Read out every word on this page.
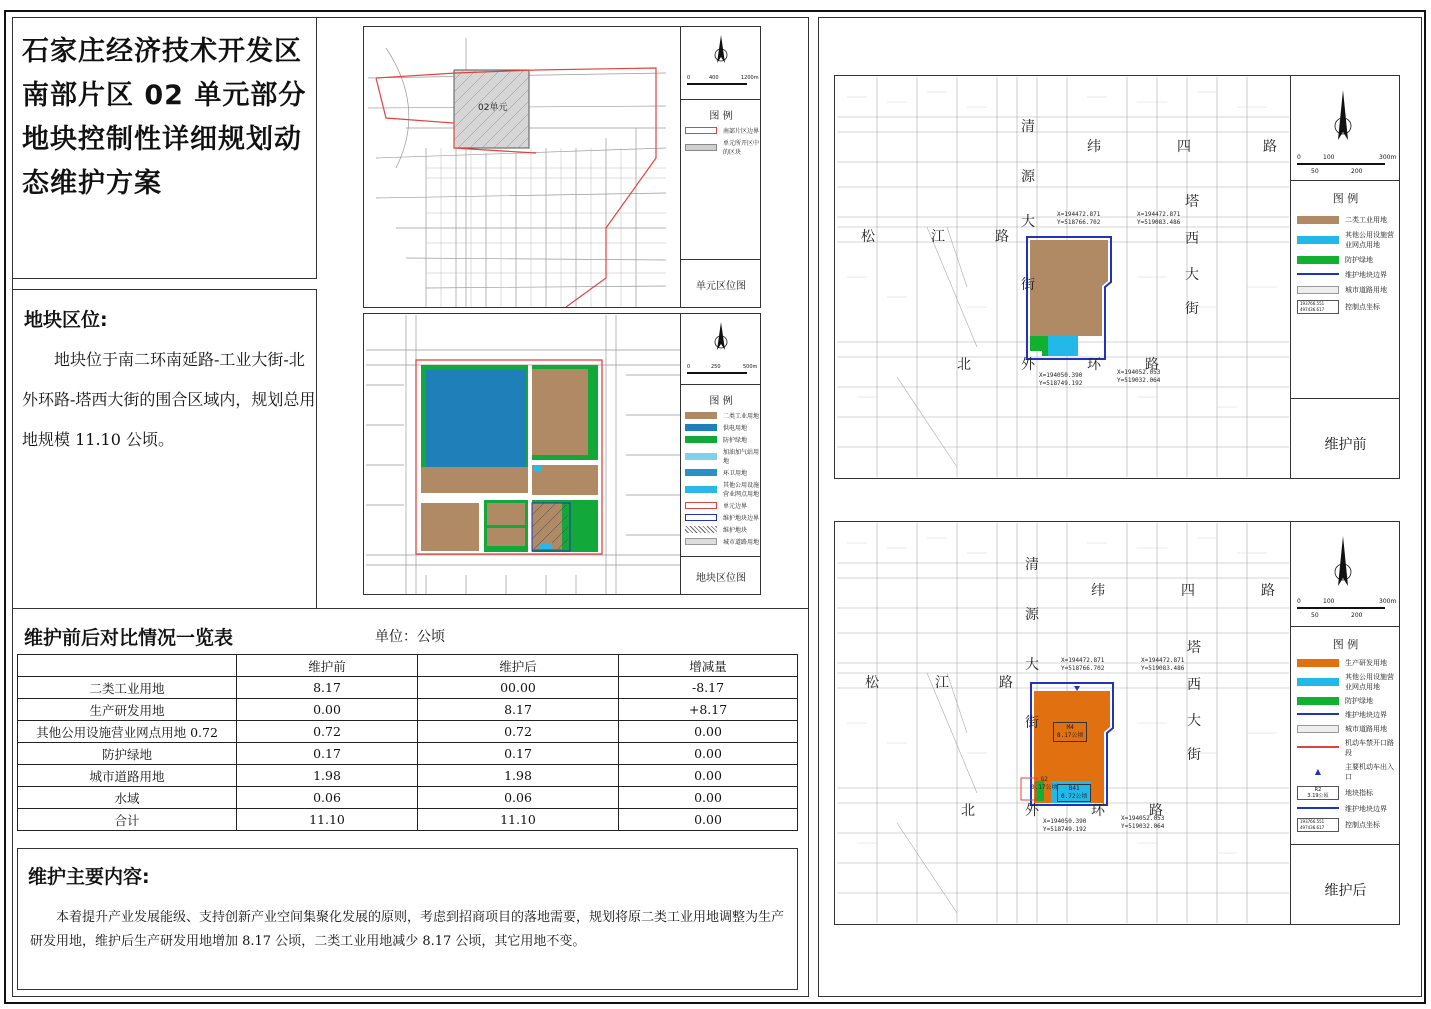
石家庄经济技术开发区
南部片区 02 单元部分
地块控制性详细规划动
态维护方案
地块区位:
地块位于南二环南延路-工业大街-北外环路-塔西大街的围合区域内，规划总用地规模 11.10 公顷。
02单元
0	400	1200m
图 例
南部片区边界
单元所开区中的区块
单元区位图
0	250	500m
图 例
二类工业用地
供电用地
防护绿地
加油加气站用地
环卫用地
其他公用设施营业网点用地
单元边界
维护地块边界
维护地块
城市道路用地
地块区位图
维护前后对比情况一览表	单位：公顷
	维护前	维护后	增减量
二类工业用地	8.17	00.00	-8.17
生产研发用地	0.00	8.17	+8.17
其他公用设施营业网点用地 0.72	0.72	0.72	0.00
防护绿地	0.17	0.17	0.00
城市道路用地	1.98	1.98	0.00
水域	0.06	0.06	0.00
合计	11.10	11.10	0.00
维护主要内容:
本着提升产业发展能级、支持创新产业空间集聚化发展的原则，考虑到招商项目的落地需要，规划将原二类工业用地调整为生产研发用地，维护后生产研发用地增加 8.17 公顷，二类工业用地减少 8.17 公顷，其它用地不变。
清
源
大
街
纬	四	路
松	江	路
塔
西
大
街
北	外	环	路
X=194472.871
Y=518766.702
X=194472.871
Y=519083.486
X=194050.390
Y=518749.192
X=194052.053
Y=519032.064
0	100	300m
50	200
图 例
二类工业用地
其他公用设施营业网点用地
防护绿地
维护地块边界
城市道路用地
193766.551
497436.617	控制点坐标
维护前
M4
8.17公顷
B41
0.72公顷
G2
0.17公顷
清
源
大
街
纬	四	路
松	江	路
塔
西
大
街
北	外	环	路
X=194472.871
Y=518766.702
X=194472.871
Y=519083.486
X=194050.390
Y=518749.192
X=194052.053
Y=519032.064
0	100	300m
50	200
图 例
生产研发用地
其他公用设施营业网点用地
防护绿地
维护地块边界
城市道路用地
机动车禁开口路段
▲	主要机动车出入口
R2
3.19公顷	地块指标
维护地块边界
193766.551
497436.617	控制点坐标
维护后
